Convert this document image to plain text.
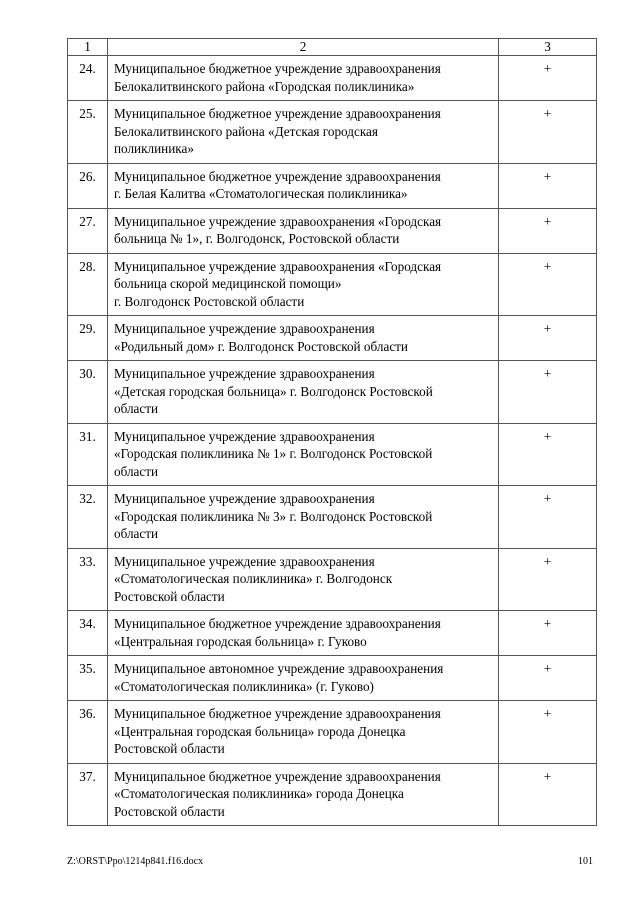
1	2	3
24.	Муниципальное бюджетное учреждение здравоохранения
Белокалитвинского района «Городская поликлиника»	+
25.	Муниципальное бюджетное учреждение здравоохранения
Белокалитвинского района «Детская городская
поликлиника»	+
26.	Муниципальное бюджетное учреждение здравоохранения
г. Белая Калитва «Стоматологическая поликлиника»	+
27.	Муниципальное учреждение здравоохранения «Городская
больница № 1», г. Волгодонск, Ростовской области	+
28.	Муниципальное учреждение здравоохранения «Городская
больница скорой медицинской помощи»
г. Волгодонск Ростовской области	+
29.	Муниципальное учреждение здравоохранения
«Родильный дом» г. Волгодонск Ростовской области	+
30.	Муниципальное учреждение здравоохранения
«Детская городская больница» г. Волгодонск Ростовской
области	+
31.	Муниципальное учреждение здравоохранения
«Городская поликлиника № 1» г. Волгодонск Ростовской
области	+
32.	Муниципальное учреждение здравоохранения
«Городская поликлиника № 3» г. Волгодонск Ростовской
области	+
33.	Муниципальное учреждение здравоохранения
«Стоматологическая поликлиника» г. Волгодонск
Ростовской области	+
34.	Муниципальное бюджетное учреждение здравоохранения
«Центральная городская больница» г. Гуково	+
35.	Муниципальное автономное учреждение здравоохранения
«Стоматологическая поликлиника» (г. Гуково)	+
36.	Муниципальное бюджетное учреждение здравоохранения
«Центральная городская больница» города Донецка
Ростовской области	+
37.	Муниципальное бюджетное учреждение здравоохранения
«Стоматологическая поликлиника» города Донецка
Ростовской области	+
Z:\ORST\Ppo\1214p841.f16.docx	101
